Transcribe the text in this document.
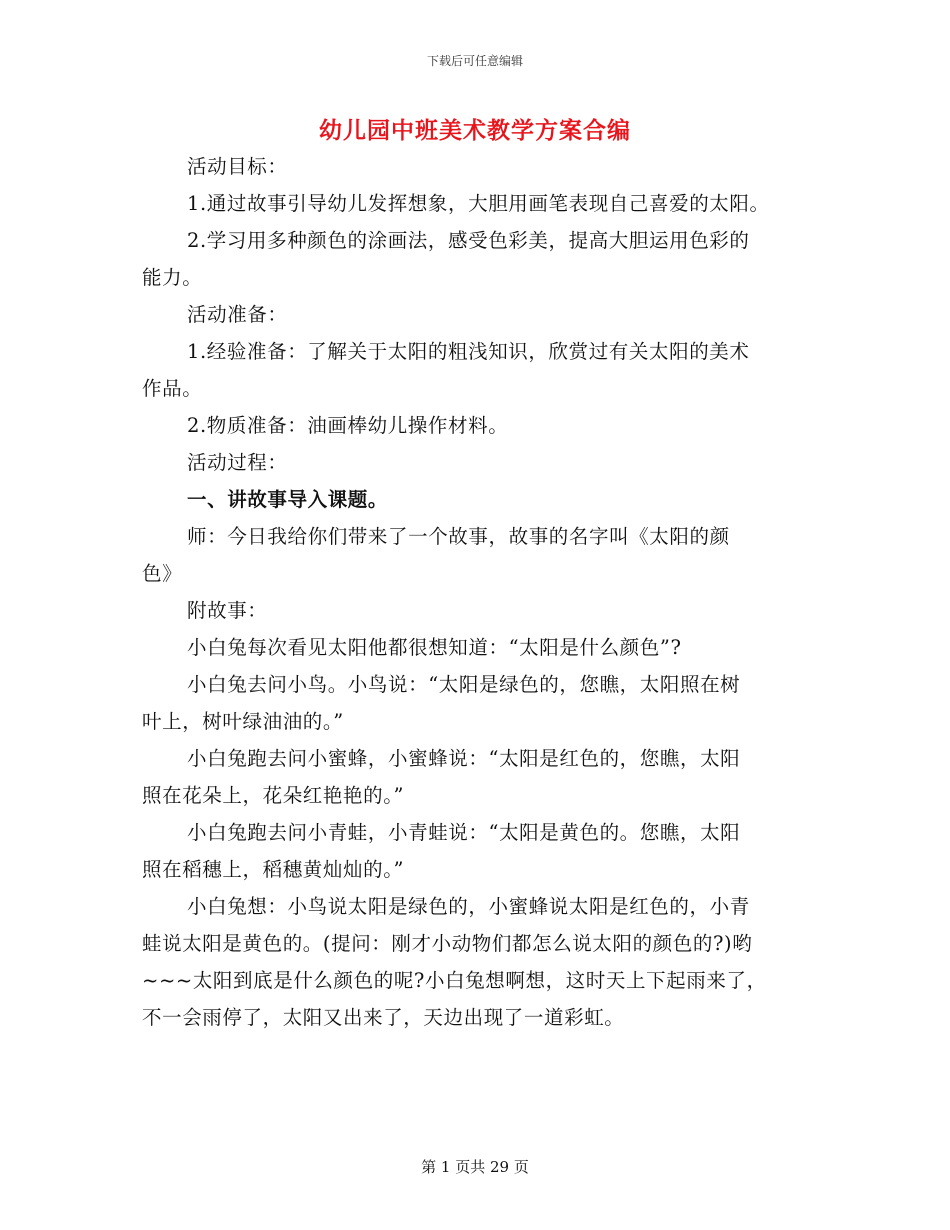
下载后可任意编辑
幼儿园中班美术教学方案合编
活动目标：
1.通过故事引导幼儿发挥想象，大胆用画笔表现自己喜爱的太阳。
2.学习用多种颜色的涂画法，感受色彩美，提高大胆运用色彩的
能力。
活动准备：
1.经验准备：了解关于太阳的粗浅知识，欣赏过有关太阳的美术
作品。
2.物质准备：油画棒幼儿操作材料。
活动过程：
一、讲故事导入课题。
师：今日我给你们带来了一个故事，故事的名字叫《太阳的颜
色》
附故事：
小白兔每次看见太阳他都很想知道：“太阳是什么颜色”?
小白兔去问小鸟。小鸟说：“太阳是绿色的，您瞧，太阳照在树
叶上，树叶绿油油的。”
小白兔跑去问小蜜蜂，小蜜蜂说：“太阳是红色的，您瞧，太阳
照在花朵上，花朵红艳艳的。”
小白兔跑去问小青蛙，小青蛙说：“太阳是黄色的。您瞧，太阳
照在稻穗上，稻穗黄灿灿的。”
小白兔想：小鸟说太阳是绿色的，小蜜蜂说太阳是红色的，小青
蛙说太阳是黄色的。(提问：刚才小动物们都怎么说太阳的颜色的?)哟
~~~太阳到底是什么颜色的呢?小白兔想啊想，这时天上下起雨来了，
不一会雨停了，太阳又出来了，天边出现了一道彩虹。
第 1 页共 29 页
